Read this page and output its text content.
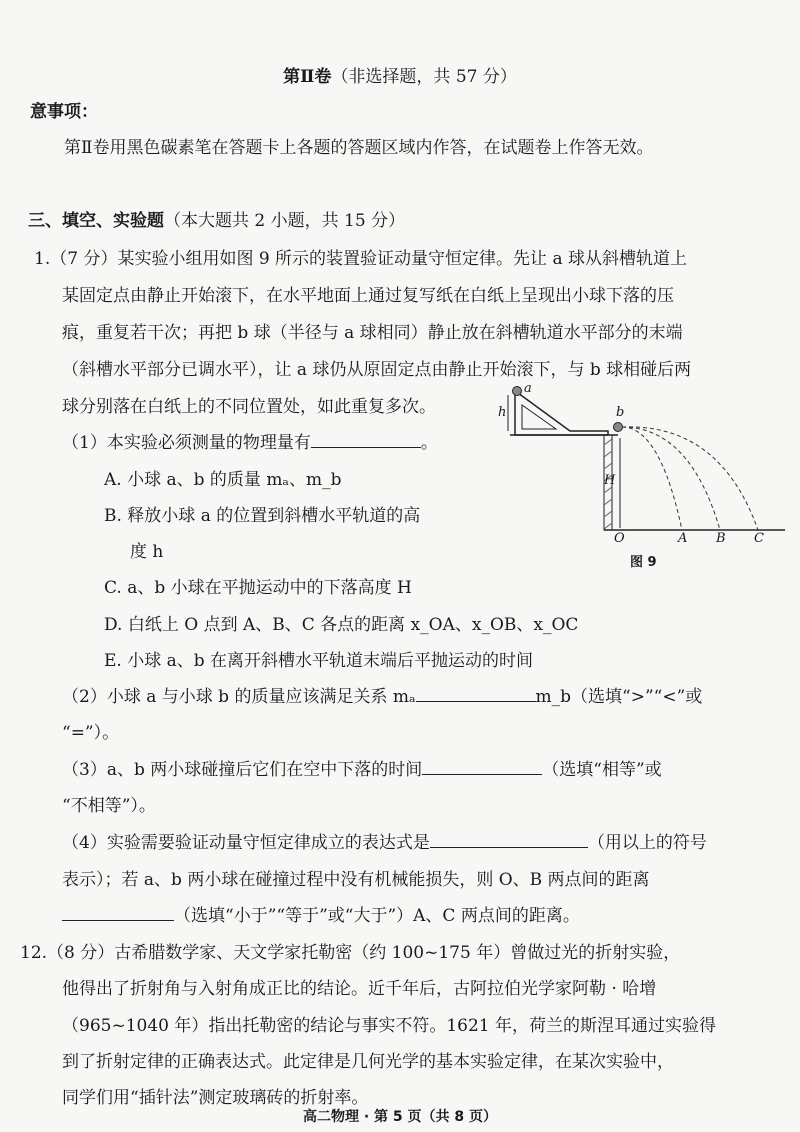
第Ⅱ卷（非选择题，共 57 分）
意事项：
第Ⅱ卷用黑色碳素笔在答题卡上各题的答题区域内作答，在试题卷上作答无效。
三、填空、实验题（本大题共 2 小题，共 15 分）
1.（7 分）某实验小组用如图 9 所示的装置验证动量守恒定律。先让 a 球从斜槽轨道上
某固定点由静止开始滚下，在水平地面上通过复写纸在白纸上呈现出小球下落的压
痕，重复若干次；再把 b 球（半径与 a 球相同）静止放在斜槽轨道水平部分的末端
（斜槽水平部分已调水平），让 a 球仍从原固定点由静止开始滚下，与 b 球相碰后两
球分别落在白纸上的不同位置处，如此重复多次。
（1）本实验必须测量的物理量有	。
A. 小球 a、b 的质量 mₐ、m_b
B. 释放小球 a 的位置到斜槽水平轨道的高
度 h
C. a、b 小球在平抛运动中的下落高度 H
D. 白纸上 O 点到 A、B、C 各点的距离 x_OA、x_OB、x_OC
E. 小球 a、b 在离开斜槽水平轨道末端后平抛运动的时间
（2）小球 a 与小球 b 的质量应该满足关系 mₐ	m_b（选填“>”“<”或
“=”）。
（3）a、b 两小球碰撞后它们在空中下落的时间	（选填“相等”或
“不相等”）。
（4）实验需要验证动量守恒定律成立的表达式是	（用以上的符号
表示）；若 a、b 两小球在碰撞过程中没有机械能损失，则 O、B 两点间的距离
（选填“小于”“等于”或“大于”）A、C 两点间的距离。
12.（8 分）古希腊数学家、天文学家托勒密（约 100~175 年）曾做过光的折射实验，
他得出了折射角与入射角成正比的结论。近千年后，古阿拉伯光学家阿勒 · 哈增
（965~1040 年）指出托勒密的结论与事实不符。1621 年，荷兰的斯涅耳通过实验得
到了折射定律的正确表达式。此定律是几何光学的基本实验定律，在某次实验中，
同学们用“插针法”测定玻璃砖的折射率。
a
b
h
H
O	A B C
图 9
高二物理 · 第 5 页（共 8 页）
